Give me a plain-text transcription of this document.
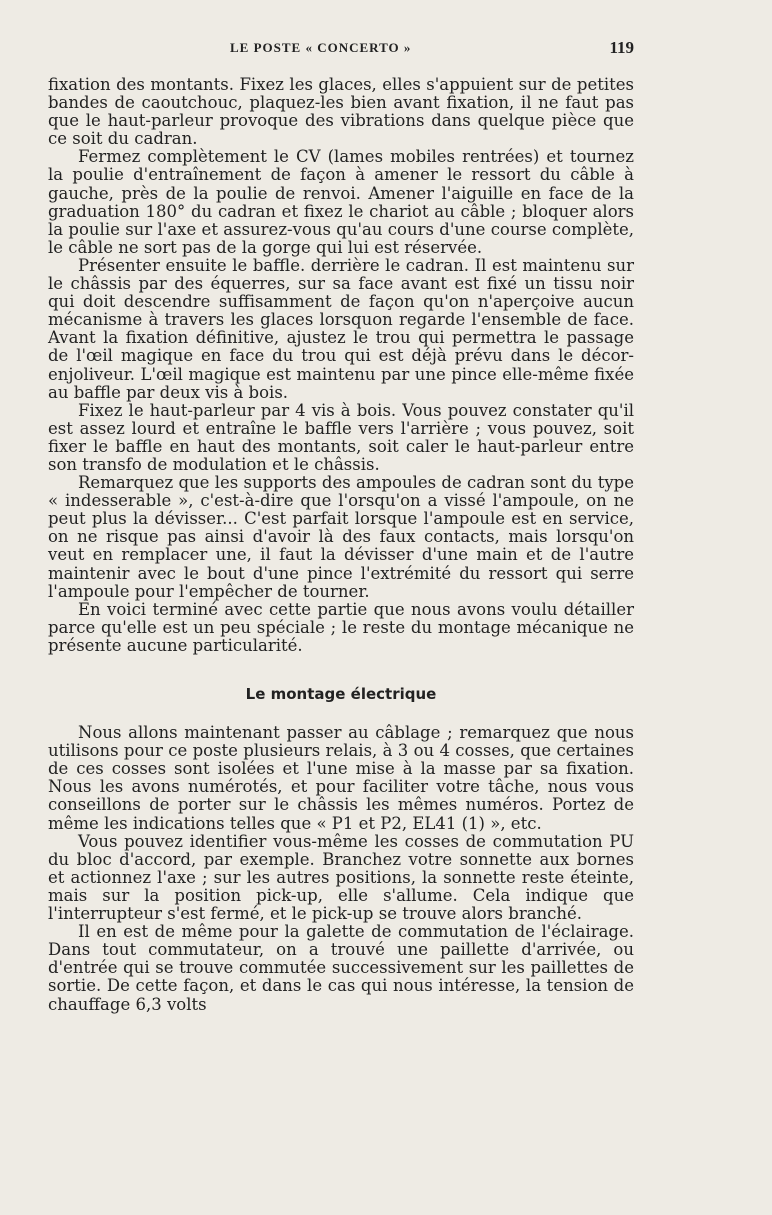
LE POSTE « CONCERTO »	119

fixation des montants. Fixez les glaces, elles s'appuient sur de petites bandes de caoutchouc, plaquez-les bien avant fixation, il ne faut pas que le haut-parleur provoque des vibrations dans quelque pièce que ce soit du cadran.

Fermez complètement le CV (lames mobiles rentrées) et tournez la poulie d'entraînement de façon à amener le ressort du câble à gauche, près de la poulie de renvoi. Amener l'aiguille en face de la graduation 180° du cadran et fixez le chariot au câble ; bloquer alors la poulie sur l'axe et assurez-vous qu'au cours d'une course complète, le câble ne sort pas de la gorge qui lui est réservée.

Présenter ensuite le baffle. derrière le cadran. Il est maintenu sur le châssis par des équerres, sur sa face avant est fixé un tissu noir qui doit descendre suffisamment de façon qu'on n'aperçoive aucun mécanisme à travers les glaces lorsquon regarde l'ensemble de face. Avant la fixation définitive, ajustez le trou qui permettra le passage de l'œil magique en face du trou qui est déjà prévu dans le décor-enjoliveur. L'œil magique est maintenu par une pince elle-même fixée au baffle par deux vis à bois.

Fixez le haut-parleur par 4 vis à bois. Vous pouvez constater qu'il est assez lourd et entraîne le baffle vers l'arrière ; vous pouvez, soit fixer le baffle en haut des montants, soit caler le haut-parleur entre son transfo de modulation et le châssis.

Remarquez que les supports des ampoules de cadran sont du type « indesserable », c'est-à-dire que l'orsqu'on a vissé l'ampoule, on ne peut plus la dévisser... C'est parfait lorsque l'ampoule est en service, on ne risque pas ainsi d'avoir là des faux contacts, mais lorsqu'on veut en remplacer une, il faut la dévisser d'une main et de l'autre maintenir avec le bout d'une pince l'extrémité du ressort qui serre l'ampoule pour l'empêcher de tourner.

En voici terminé avec cette partie que nous avons voulu détailler parce qu'elle est un peu spéciale ; le reste du montage mécanique ne présente aucune particularité.

Le montage électrique

Nous allons maintenant passer au câblage ; remarquez que nous utilisons pour ce poste plusieurs relais, à 3 ou 4 cosses, que certaines de ces cosses sont isolées et l'une mise à la masse par sa fixation. Nous les avons numérotés, et pour faciliter votre tâche, nous vous conseillons de porter sur le châssis les mêmes numéros. Portez de même les indications telles que « P1 et P2, EL41 (1) », etc.

Vous pouvez identifier vous-même les cosses de commutation PU du bloc d'accord, par exemple. Branchez votre sonnette aux bornes et actionnez l'axe ; sur les autres positions, la sonnette reste éteinte, mais sur la position pick-up, elle s'allume. Cela indique que l'interrupteur s'est fermé, et le pick-up se trouve alors branché.

Il en est de même pour la galette de commutation de l'éclairage. Dans tout commutateur, on a trouvé une paillette d'arrivée, ou d'entrée qui se trouve commutée successivement sur les paillettes de sortie. De cette façon, et dans le cas qui nous intéresse, la tension de chauffage 6,3 volts
